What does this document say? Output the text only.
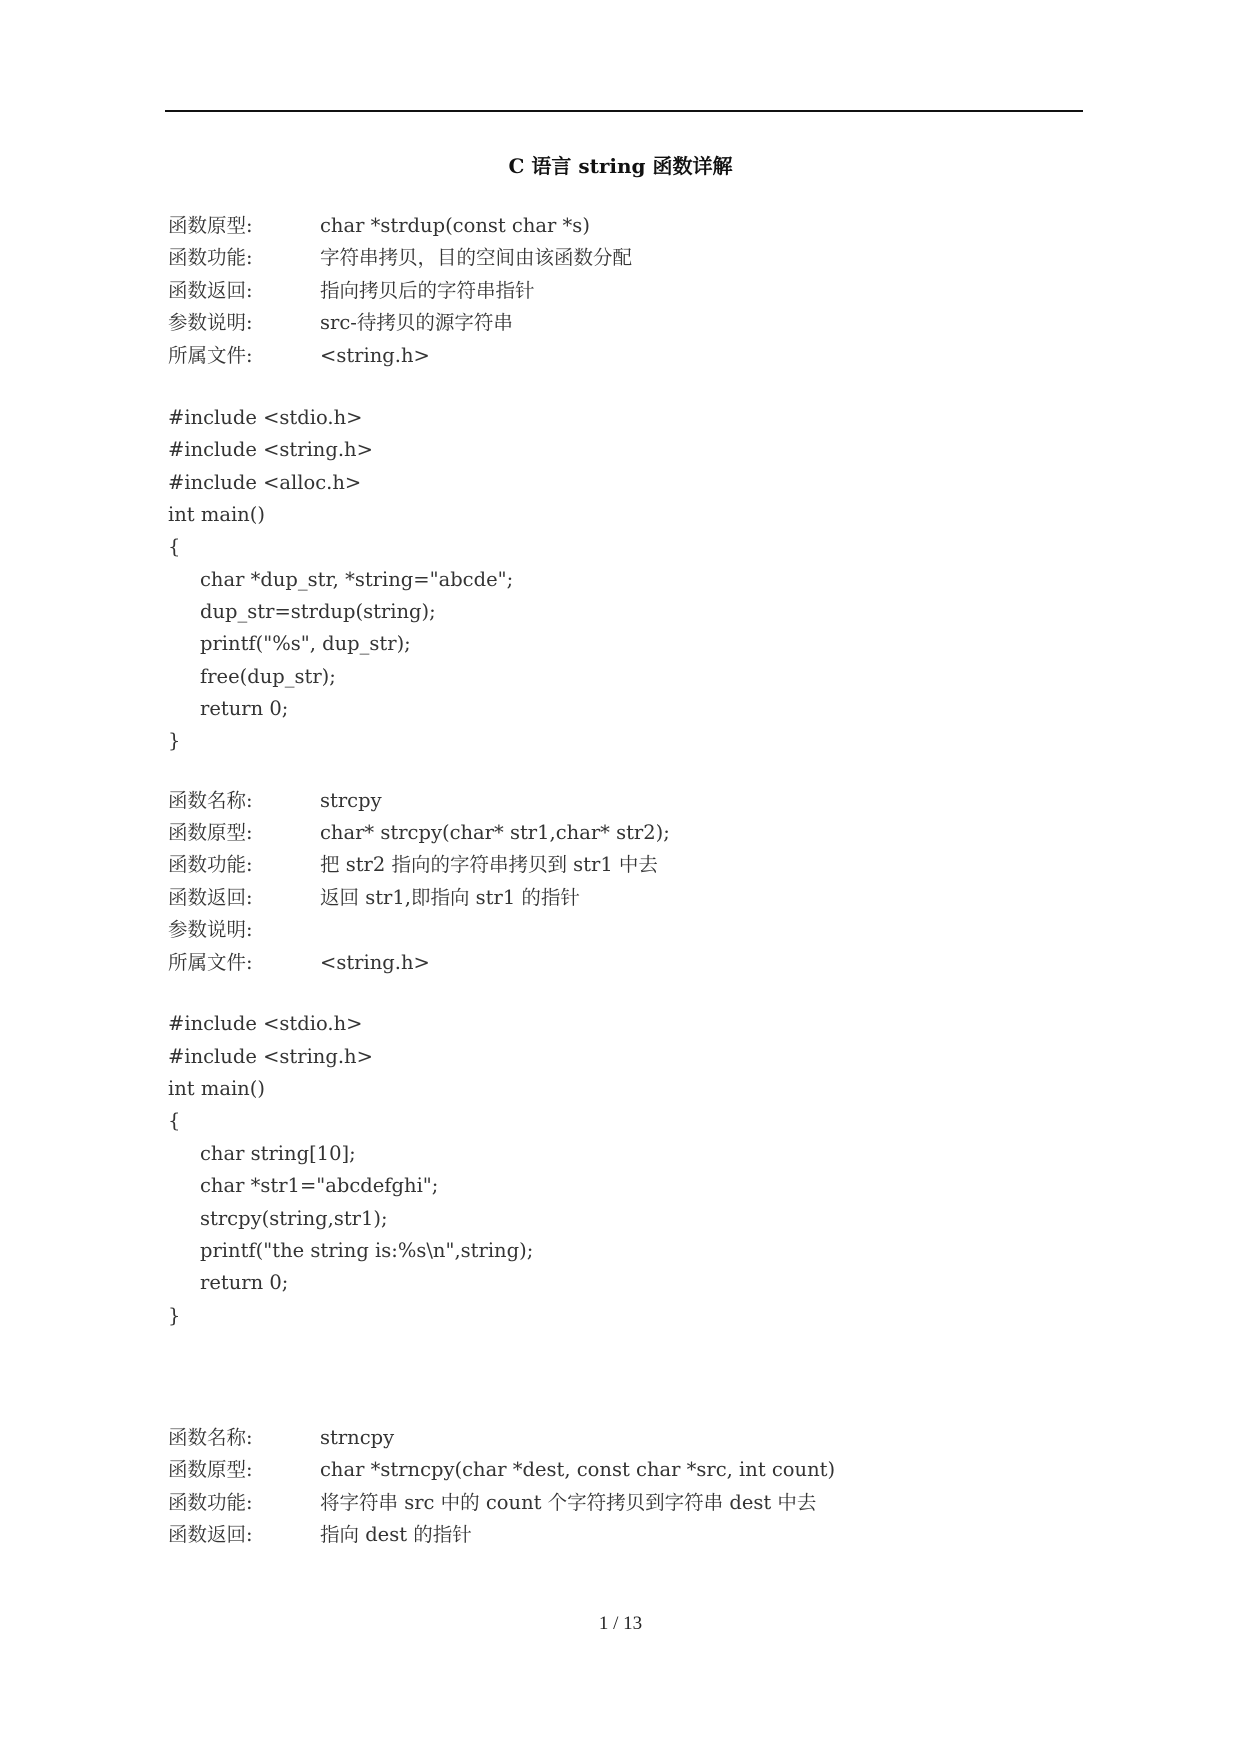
C 语言 string 函数详解
函数原型:	char *strdup(const char *s)
函数功能:	字符串拷贝，目的空间由该函数分配
函数返回:	指向拷贝后的字符串指针
参数说明:	src-待拷贝的源字符串
所属文件:	<string.h>
#include <stdio.h>
#include <string.h>
#include <alloc.h>
int main()
{
char *dup_str, *string="abcde";
dup_str=strdup(string);
printf("%s", dup_str);
free(dup_str);
return 0;
}
函数名称:	strcpy
函数原型:	char* strcpy(char* str1,char* str2);
函数功能:	把 str2 指向的字符串拷贝到 str1 中去
函数返回:	返回 str1,即指向 str1 的指针
参数说明:
所属文件:	<string.h>
#include <stdio.h>
#include <string.h>
int main()
{
char string[10];
char *str1="abcdefghi";
strcpy(string,str1);
printf("the string is:%s\n",string);
return 0;
}
函数名称:	strncpy
函数原型:	char *strncpy(char *dest, const char *src, int count)
函数功能:	将字符串 src 中的 count 个字符拷贝到字符串 dest 中去
函数返回:	指向 dest 的指针
1 / 13
